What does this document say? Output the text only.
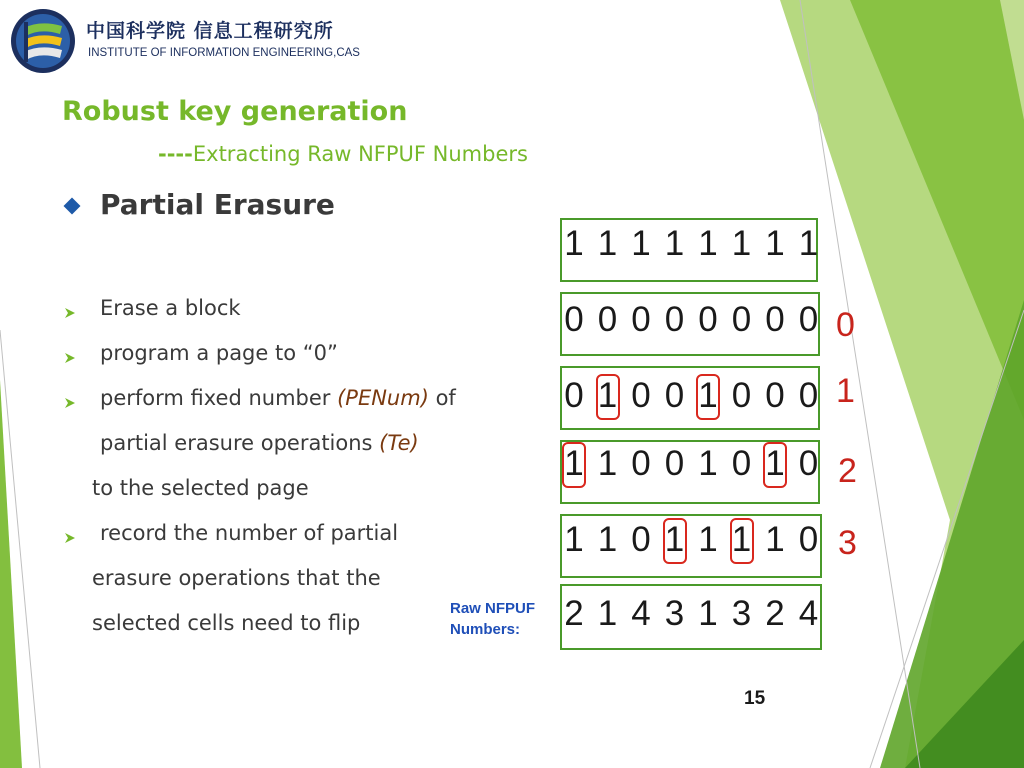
中国科学院 信息工程研究所
INSTITUTE OF INFORMATION ENGINEERING,CAS
Robust key generation
----Extracting Raw NFPUF Numbers
Partial Erasure
Erase a block
program a page to “0”
perform fixed number (PENum) of
partial erasure operations (Te)
to the selected page
record the number of partial
erasure operations that the
selected cells need to flip
1 1 1 1 1 1 1 1
0 0 0 0 0 0 0 0 0
0 1 0 0 1 0 0 0 1
1 1 0 0 1 0 1 0 2
1 1 0 1 1 1 1 0 3
2 1 4 3 1 3 2 4
Raw NFPUF
Numbers:
15
